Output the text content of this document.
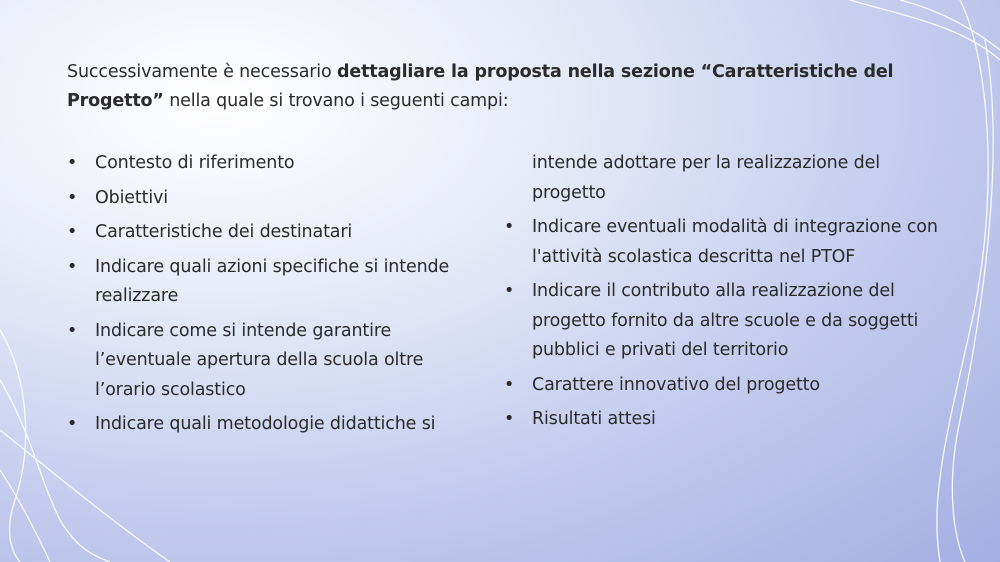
Successivamente è necessario dettagliare la proposta nella sezione “Caratteristiche del Progetto” nella quale si trovano i seguenti campi:

• Contesto di riferimento
• Obiettivi
• Caratteristiche dei destinatari
• Indicare quali azioni specifiche si intende realizzare
• Indicare come si intende garantire l’eventuale apertura della scuola oltre l’orario scolastico
• Indicare quali metodologie didattiche si
intende adottare per la realizzazione del progetto
• Indicare eventuali modalità di integrazione con l'attività scolastica descritta nel PTOF
• Indicare il contributo alla realizzazione del progetto fornito da altre scuole e da soggetti pubblici e privati del territorio
• Carattere innovativo del progetto
• Risultati attesi
